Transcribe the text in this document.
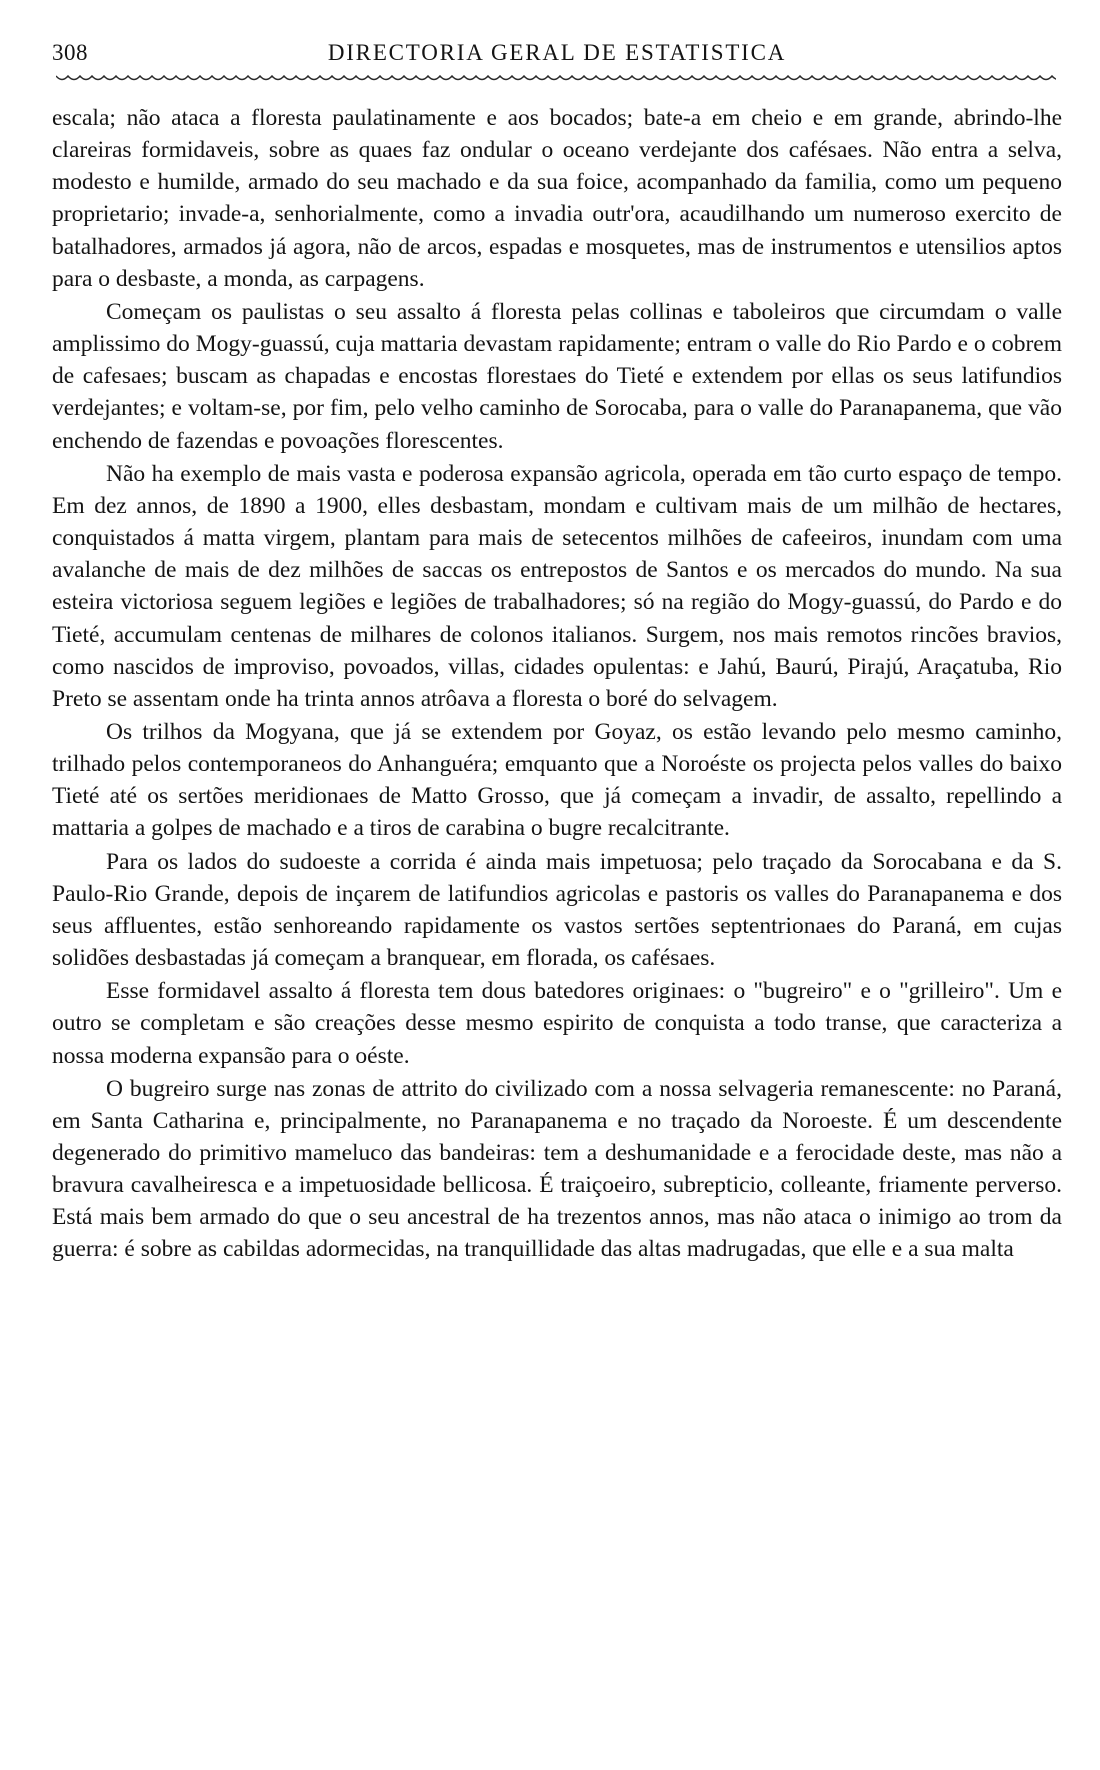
308	DIRECTORIA GERAL DE ESTATISTICA

escala; não ataca a floresta paulatinamente e aos bocados; bate-a em cheio e em grande, abrindo-lhe clareiras formidaveis, sobre as quaes faz ondular o oceano verdejante dos cafésaes. Não entra a selva, modesto e humilde, armado do seu machado e da sua foice, acompanhado da familia, como um pequeno proprietario; invade-a, senhorialmente, como a invadia outr'ora, acaudilhando um numeroso exercito de batalhadores, armados já agora, não de arcos, espadas e mosquetes, mas de instrumentos e utensilios aptos para o desbaste, a monda, as carpagens.

Começam os paulistas o seu assalto á floresta pelas collinas e taboleiros que circumdam o valle amplissimo do Mogy-guassú, cuja mattaria devastam rapidamente; entram o valle do Rio Pardo e o cobrem de cafesaes; buscam as chapadas e encostas florestaes do Tieté e extendem por ellas os seus latifundios verdejantes; e voltam-se, por fim, pelo velho caminho de Sorocaba, para o valle do Paranapanema, que vão enchendo de fazendas e povoações florescentes.

Não ha exemplo de mais vasta e poderosa expansão agricola, operada em tão curto espaço de tempo. Em dez annos, de 1890 a 1900, elles desbastam, mondam e cultivam mais de um milhão de hectares, conquistados á matta virgem, plantam para mais de setecentos milhões de cafeeiros, inundam com uma avalanche de mais de dez milhões de saccas os entrepostos de Santos e os mercados do mundo. Na sua esteira victoriosa seguem legiões e legiões de trabalhadores; só na região do Mogy-guassú, do Pardo e do Tieté, accumulam centenas de milhares de colonos italianos. Surgem, nos mais remotos rincões bravios, como nascidos de improviso, povoados, villas, cidades opulentas: e Jahú, Baurú, Pirajú, Araçatuba, Rio Preto se assentam onde ha trinta annos atrôava a floresta o boré do selvagem.

Os trilhos da Mogyana, que já se extendem por Goyaz, os estão levando pelo mesmo caminho, trilhado pelos contemporaneos do Anhanguéra; emquanto que a Noroéste os projecta pelos valles do baixo Tieté até os sertões meridionaes de Matto Grosso, que já começam a invadir, de assalto, repellindo a mattaria a golpes de machado e a tiros de carabina o bugre recalcitrante.

Para os lados do sudoeste a corrida é ainda mais impetuosa; pelo traçado da Sorocabana e da S. Paulo-Rio Grande, depois de inçarem de latifundios agricolas e pastoris os valles do Paranapanema e dos seus affluentes, estão senhoreando rapidamente os vastos sertões septentrionaes do Paraná, em cujas solidões desbastadas já começam a branquear, em florada, os cafésaes.

Esse formidavel assalto á floresta tem dous batedores originaes: o "bugreiro" e o "grilleiro". Um e outro se completam e são creações desse mesmo espirito de conquista a todo transe, que caracteriza a nossa moderna expansão para o oéste.

O bugreiro surge nas zonas de attrito do civilizado com a nossa selvageria remanescente: no Paraná, em Santa Catharina e, principalmente, no Paranapanema e no traçado da Noroeste. É um descendente degenerado do primitivo mameluco das bandeiras: tem a deshumanidade e a ferocidade deste, mas não a bravura cavalheiresca e a impetuosidade bellicosa. É traiçoeiro, subrepticio, colleante, friamente perverso. Está mais bem armado do que o seu ancestral de ha trezentos annos, mas não ataca o inimigo ao trom da guerra: é sobre as cabildas adormecidas, na tranquillidade das altas madrugadas, que elle e a sua malta
